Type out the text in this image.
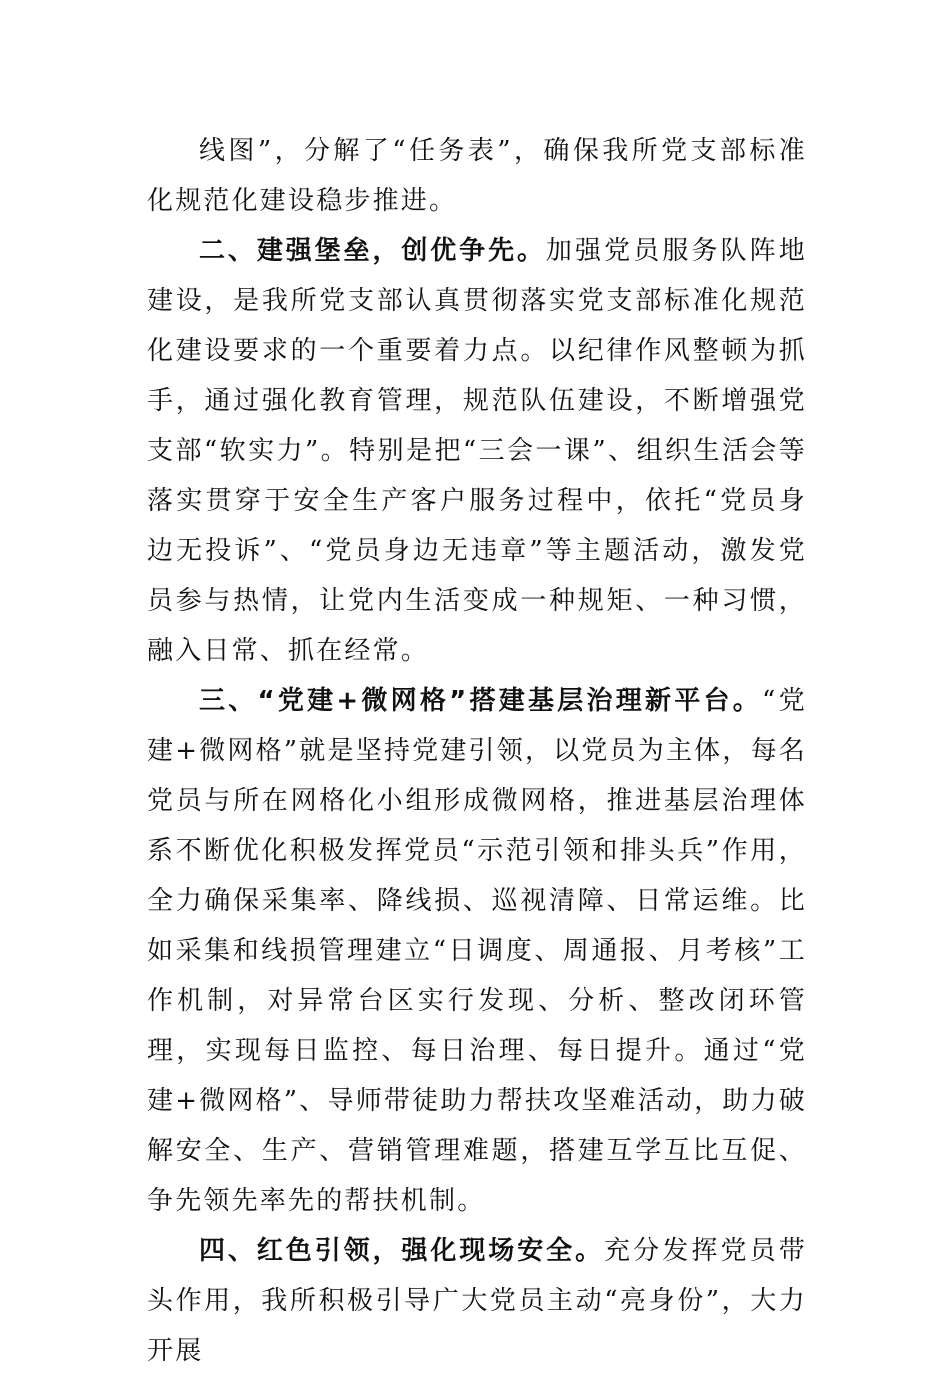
线图”，分解了“任务表”，确保我所党支部标准化规范化建设稳步推进。

二、建强堡垒，创优争先。加强党员服务队阵地建设，是我所党支部认真贯彻落实党支部标准化规范化建设要求的一个重要着力点。以纪律作风整顿为抓手，通过强化教育管理，规范队伍建设，不断增强党支部“软实力”。特别是把“三会一课”、组织生活会等落实贯穿于安全生产客户服务过程中，依托“党员身边无投诉”、“党员身边无违章”等主题活动，激发党员参与热情，让党内生活变成一种规矩、一种习惯，融入日常、抓在经常。

三、“党建+微网格”搭建基层治理新平台。“党建+微网格”就是坚持党建引领，以党员为主体，每名党员与所在网格化小组形成微网格，推进基层治理体系不断优化积极发挥党员“示范引领和排头兵”作用，全力确保采集率、降线损、巡视清障、日常运维。比如采集和线损管理建立“日调度、周通报、月考核”工作机制，对异常台区实行发现、分析、整改闭环管理，实现每日监控、每日治理、每日提升。通过“党建+微网格”、导师带徒助力帮扶攻坚难活动，助力破解安全、生产、营销管理难题，搭建互学互比互促、争先领先率先的帮扶机制。

四、红色引领，强化现场安全。充分发挥党员带头作用，我所积极引导广大党员主动“亮身份”，大力开展
